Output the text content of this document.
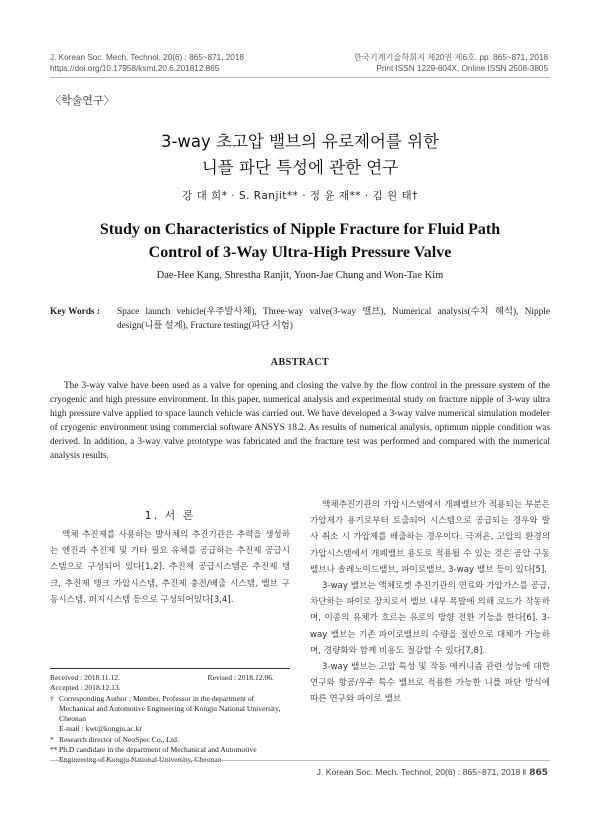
J. Korean Soc. Mech. Technol, 20(6) : 865~871, 2018
https://doi.org/10.17958/ksmt.20.6.201812.865
한국기계기술학회지 제20권 제6호. pp. 865~871, 2018
Print ISSN 1229-604X, Online ISSN 2508-3805
〈학술연구〉
3-way 초고압 밸브의 유로제어를 위한
니플 파단 특성에 관한 연구
강 대 희* · S. Ranjit** · 정 윤 재** · 김 원 태†
Study on Characteristics of Nipple Fracture for Fluid Path
Control of 3-Way Ultra-High Pressure Valve
Dae-Hee Kang, Shrestha Ranjit, Yoon-Jae Chung and Won-Tae Kim
Key Words : Space launch vehicle(우주발사체), Three-way valve(3-way 밸브), Numerical analysis(수치 해석), Nipple design(니플 설계), Fracture testing(파단 시험)
ABSTRACT
The 3-way valve have been used as a valve for opening and closing the valve by the flow control in the pressure system of the cryogenic and high pressure environment. In this paper, numerical analysis and experimental study on fracture nipple of 3-way ultra high pressure valve applied to space launch vehicle was carried out. We have developed a 3-way valve numerical simulation modeler of cryogenic environment using commercial software ANSYS 18.2. As results of numerical analysis, optimum nipple condition was derived. In addition, a 3-way valve prototype was fabricated and the fracture test was performed and compared with the numerical analysis results.
1. 서 론

액체 추진제를 사용하는 발사체의 추진기관은 추력을 생성하는 엔진과 추진제 및 기타 필요 유체를 공급하는 추진제 공급시스템으로 구성되어 있다[1,2]. 추진제 공급시스템은 추진제 탱크, 추진제 탱크 가압시스템, 추진제 충전/배출 시스템, 밸브 구동시스템, 퍼지시스템 등으로 구성되어있다[3,4].

액체추진기관의 가압시스템에서 개폐밸브가 적용되는 부분은 가압제가 용기로부터 토출되어 시스템으로 공급되는 경우와 발사 취소 시 가압제를 배출하는 경우이다. 극저온, 고압의 환경의 가압시스템에서 개폐밸브 용도로 적용될 수 있는 것은 공압 구동밸브나 솔레노이드밸브, 파이로밸브, 3-way 밸브 등이 있다[5].

3-way 밸브는 액체로켓 추진기관의 연료와 가압가스를 공급, 차단하는 파이로 장치로서 밸브 내부 폭발에 의해 로드가 작동하며, 이종의 유체가 흐르는 유로의 방향 전환 기능을 한다[6]. 3-way 밸브는 기존 파이로밸브의 수량을 절반으로 대체가 가능하며, 경량화와 함께 비용도 절감할 수 있다[7,8].

3-way 밸브는 고압 특성 및 작동 메커니즘 관련 성능에 대한 연구와 항공/우주 특수 밸브로 적용한 가능한 니플 파단 방식에 따른 연구와 파이로 밸브

Received : 2018.11.12.	Revised : 2018.12.06.
Accepted : 2018.12.13.
† Corresponding Author ; Member, Professor in the department of Mechanical and Automotive Engineering of Kongju National University, Cheonan
E-mail : kwt@kongju.ac.kr
* Research director of NeoSpec Co., Ltd.
** Ph.D candidate in the department of Mechanical and Automotive Engineering of Kongju National University, Cheonan
J. Korean Soc. Mech. Technol, 20(6) : 865~871, 2018 ‖ 865
